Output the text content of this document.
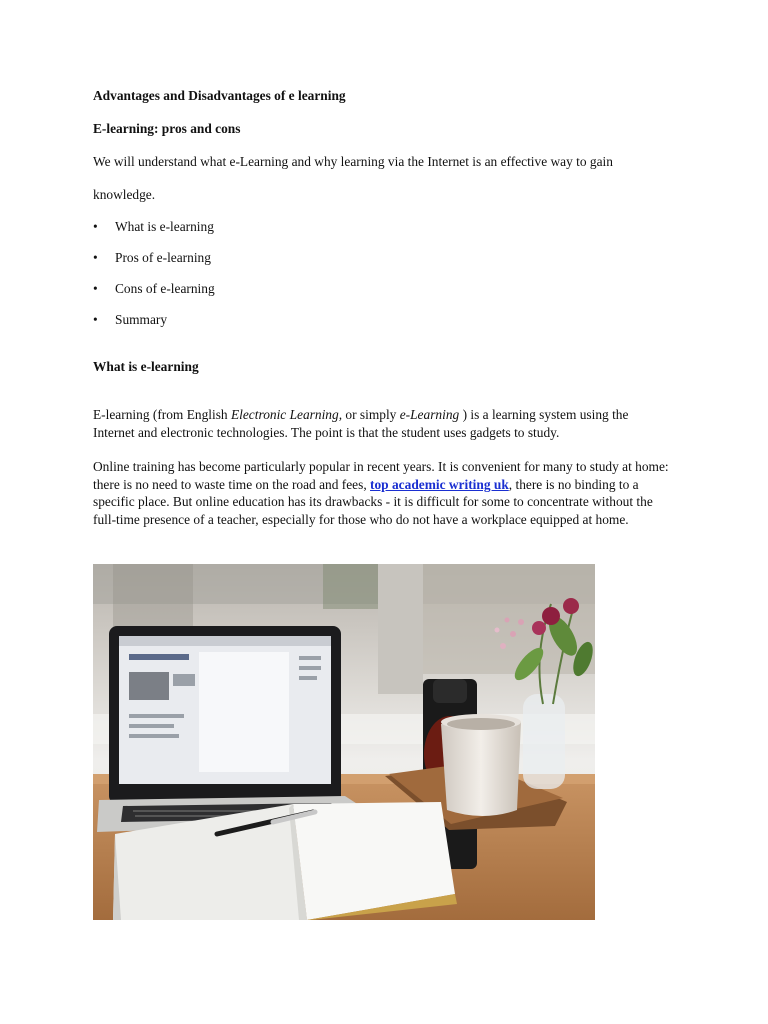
Advantages and Disadvantages of e learning
E-learning: pros and cons
We will understand what e-Learning and why learning via the Internet is an effective way to gain
knowledge.
•	What is e-learning
•	Pros of e-learning
•	Cons of e-learning
•	Summary
What is e-learning
E-learning (from English Electronic Learning, or simply e-Learning ) is a learning system using the Internet and electronic technologies. The point is that the student uses gadgets to study.
Online training has become particularly popular in recent years. It is convenient for many to study at home: there is no need to waste time on the road and fees, top academic writing uk, there is no binding to a specific place. But online education has its drawbacks - it is difficult for some to concentrate without the full-time presence of a teacher, especially for those who do not have a workplace equipped at home.
